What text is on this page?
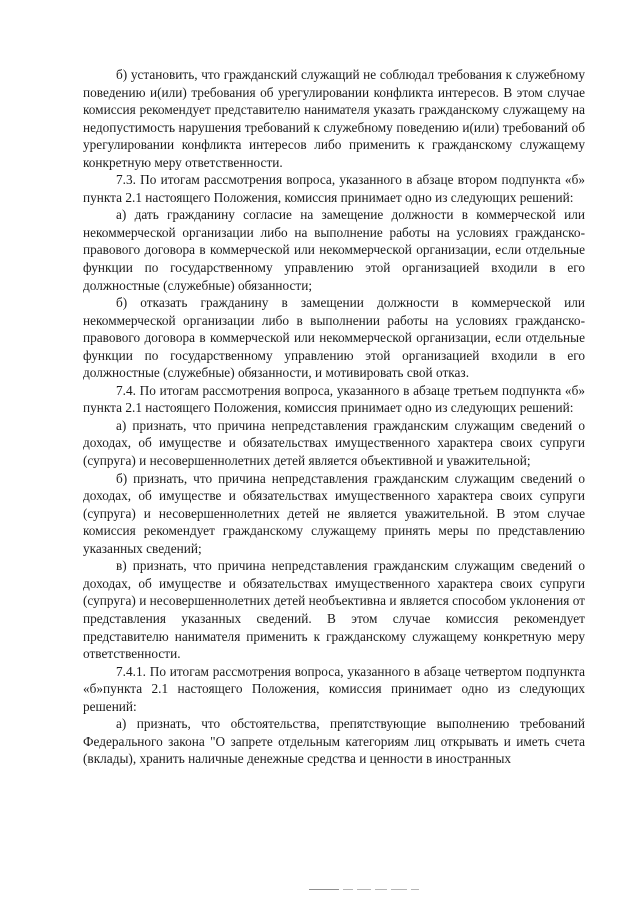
б) установить, что гражданский служащий не соблюдал требования к служебному поведению и(или) требования об урегулировании конфликта интересов. В этом случае комиссия рекомендует представителю нанимателя указать гражданскому служащему на недопустимость нарушения требований к служебному поведению и(или) требований об урегулировании конфликта интересов либо применить к гражданскому служащему конкретную меру ответственности.

7.3. По итогам рассмотрения вопроса, указанного в абзаце втором подпункта «б» пункта 2.1 настоящего Положения, комиссия принимает одно из следующих решений:

а) дать гражданину согласие на замещение должности в коммерческой или некоммерческой организации либо на выполнение работы на условиях гражданско-правового договора в коммерческой или некоммерческой организации, если отдельные функции по государственному управлению этой организацией входили в его должностные (служебные) обязанности;

б) отказать гражданину в замещении должности в коммерческой или некоммерческой организации либо в выполнении работы на условиях гражданско-правового договора в коммерческой или некоммерческой организации, если отдельные функции по государственному управлению этой организацией входили в его должностные (служебные) обязанности, и мотивировать свой отказ.

7.4. По итогам рассмотрения вопроса, указанного в абзаце третьем подпункта «б» пункта 2.1 настоящего Положения, комиссия принимает одно из следующих решений:

а) признать, что причина непредставления гражданским служащим сведений о доходах, об имуществе и обязательствах имущественного характера своих супруги (супруга) и несовершеннолетних детей является объективной и уважительной;

б) признать, что причина непредставления гражданским служащим сведений о доходах, об имуществе и обязательствах имущественного характера своих супруги (супруга) и несовершеннолетних детей не является уважительной. В этом случае комиссия рекомендует гражданскому служащему принять меры по представлению указанных сведений;

в) признать, что причина непредставления гражданским служащим сведений о доходах, об имуществе и обязательствах имущественного характера своих супруги (супруга) и несовершеннолетних детей необъективна и является способом уклонения от представления указанных сведений. В этом случае комиссия рекомендует представителю нанимателя применить к гражданскому служащему конкретную меру ответственности.

7.4.1. По итогам рассмотрения вопроса, указанного в абзаце четвертом подпункта «б»пункта 2.1 настоящего Положения, комиссия принимает одно из следующих решений:

а) признать, что обстоятельства, препятствующие выполнению требований Федерального закона "О запрете отдельным категориям лиц открывать и иметь счета (вклады), хранить наличные денежные средства и ценности в иностранных
